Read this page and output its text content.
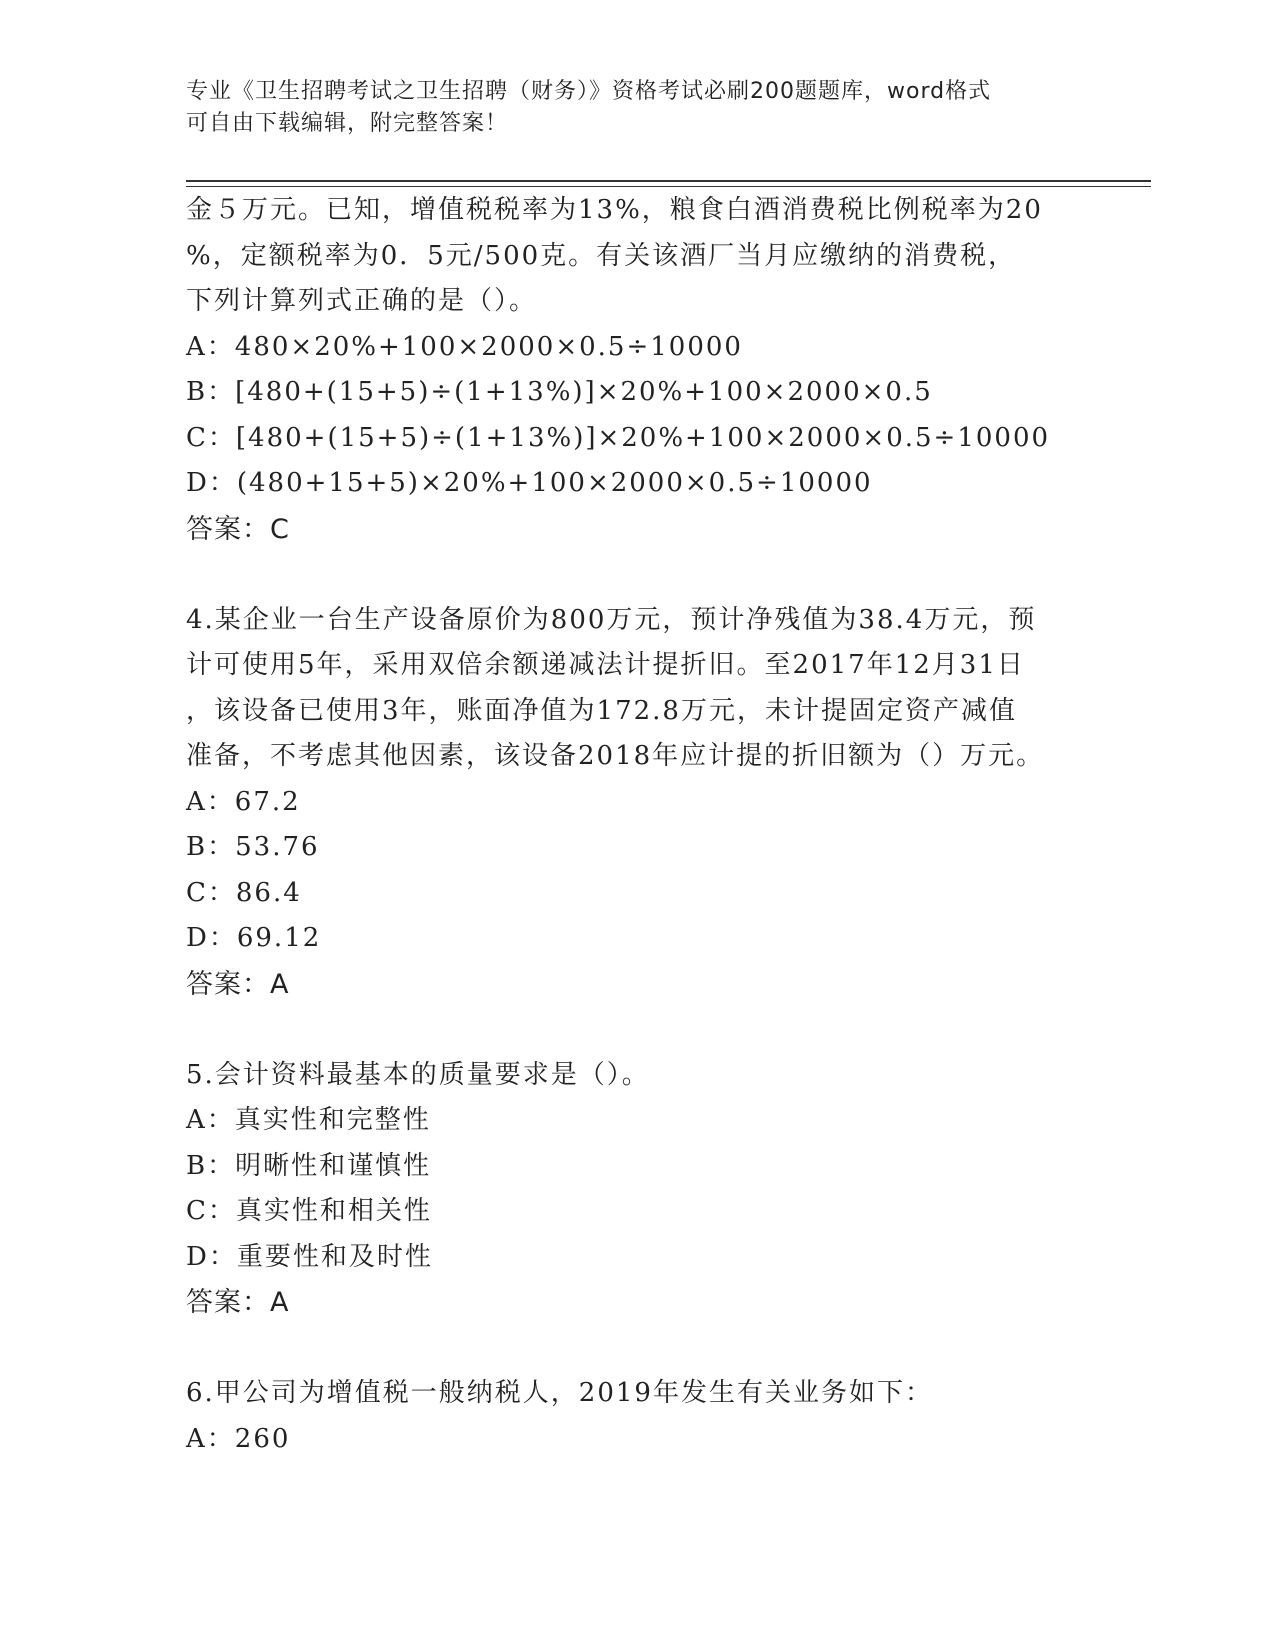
专业《卫生招聘考试之卫生招聘（财务）》资格考试必刷200题题库，word格式
可自由下载编辑，附完整答案！
金５万元。已知，增值税税率为13%，粮食白酒消费税比例税率为20
%，定额税率为0．5元/500克。有关该酒厂当月应缴纳的消费税，
下列计算列式正确的是（）。
A：480×20%+100×2000×0.5÷10000
B：[480+(15+5)÷(1+13%)]×20%+100×2000×0.5
C：[480+(15+5)÷(1+13%)]×20%+100×2000×0.5÷10000
D：(480+15+5)×20%+100×2000×0.5÷10000
答案：C
4.某企业一台生产设备原价为800万元，预计净残值为38.4万元，预
计可使用5年，采用双倍余额递减法计提折旧。至2017年12月31日
，该设备已使用3年，账面净值为172.8万元，未计提固定资产减值
准备，不考虑其他因素，该设备2018年应计提的折旧额为（）万元。
A：67.2
B：53.76
C：86.4
D：69.12
答案：A
5.会计资料最基本的质量要求是（）。
A：真实性和完整性
B：明晰性和谨慎性
C：真实性和相关性
D：重要性和及时性
答案：A
6.甲公司为增值税一般纳税人，2019年发生有关业务如下：
A：260
